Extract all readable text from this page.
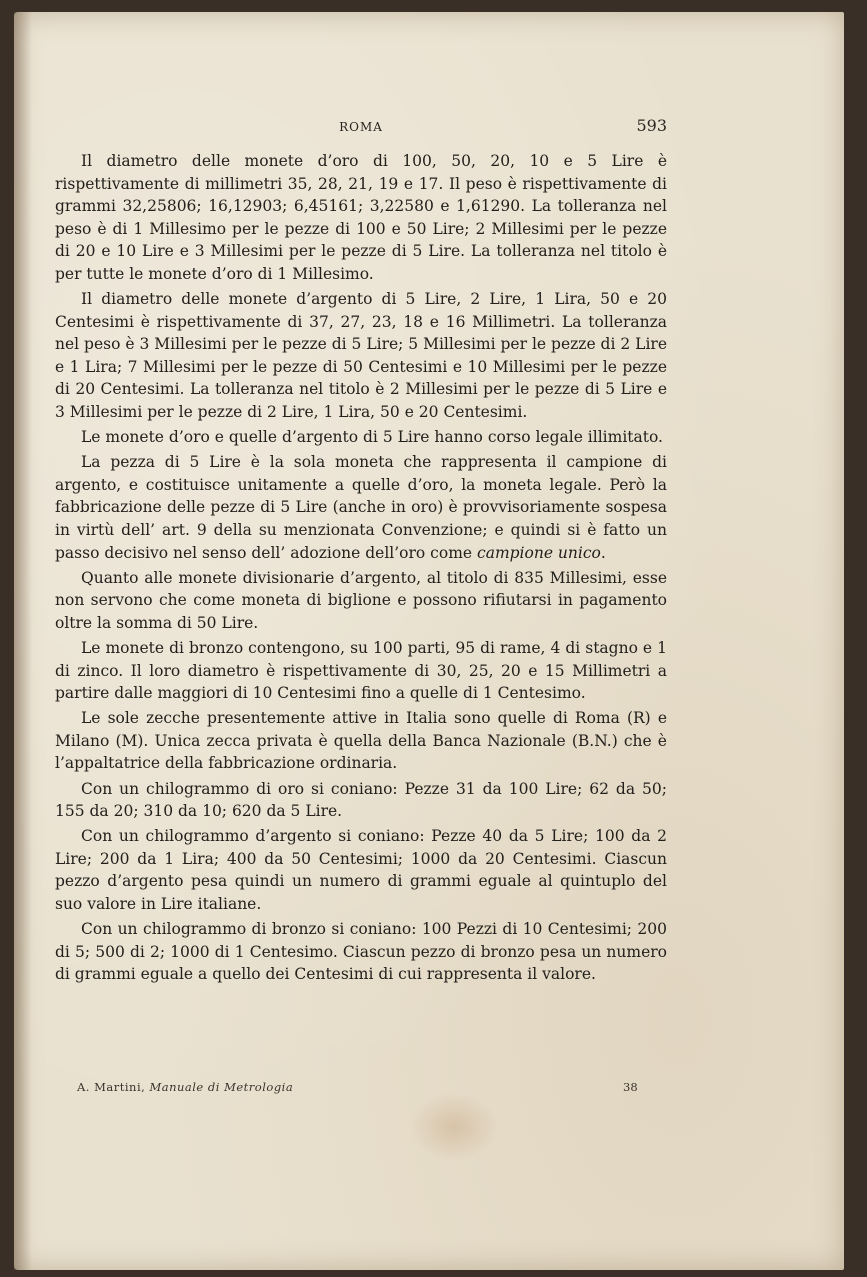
ROMA	593

Il diametro delle monete d’oro di 100, 50, 20, 10 e 5 Lire è rispettivamente di millimetri 35, 28, 21, 19 e 17. Il peso è rispettivamente di grammi 32,25806; 16,12903; 6,45161; 3,22580 e 1,61290. La tolleranza nel peso è di 1 Millesimo per le pezze di 100 e 50 Lire; 2 Millesimi per le pezze di 20 e 10 Lire e 3 Millesimi per le pezze di 5 Lire. La tolleranza nel titolo è per tutte le monete d’oro di 1 Millesimo.

Il diametro delle monete d’argento di 5 Lire, 2 Lire, 1 Lira, 50 e 20 Centesimi è rispettivamente di 37, 27, 23, 18 e 16 Millimetri. La tolleranza nel peso è 3 Millesimi per le pezze di 5 Lire; 5 Millesimi per le pezze di 2 Lire e 1 Lira; 7 Millesimi per le pezze di 50 Centesimi e 10 Millesimi per le pezze di 20 Centesimi. La tolleranza nel titolo è 2 Millesimi per le pezze di 5 Lire e 3 Millesimi per le pezze di 2 Lire, 1 Lira, 50 e 20 Centesimi.

Le monete d’oro e quelle d’argento di 5 Lire hanno corso legale illimitato.

La pezza di 5 Lire è la sola moneta che rappresenta il campione di argento, e costituisce unitamente a quelle d’oro, la moneta legale. Però la fabbricazione delle pezze di 5 Lire (anche in oro) è provvisoriamente sospesa in virtù dell’ art. 9 della su menzionata Convenzione; e quindi si è fatto un passo decisivo nel senso dell’ adozione dell’oro come campione unico.

Quanto alle monete divisionarie d’argento, al titolo di 835 Millesimi, esse non servono che come moneta di biglione e possono rifiutarsi in pagamento oltre la somma di 50 Lire.

Le monete di bronzo contengono, su 100 parti, 95 di rame, 4 di stagno e 1 di zinco. Il loro diametro è rispettivamente di 30, 25, 20 e 15 Millimetri a partire dalle maggiori di 10 Centesimi fino a quelle di 1 Centesimo.

Le sole zecche presentemente attive in Italia sono quelle di Roma (R) e Milano (M). Unica zecca privata è quella della Banca Nazionale (B.N.) che è l’appaltatrice della fabbricazione ordinaria.

Con un chilogrammo di oro si coniano: Pezze 31 da 100 Lire; 62 da 50; 155 da 20; 310 da 10; 620 da 5 Lire.

Con un chilogrammo d’argento si coniano: Pezze 40 da 5 Lire; 100 da 2 Lire; 200 da 1 Lira; 400 da 50 Centesimi; 1000 da 20 Centesimi. Ciascun pezzo d’argento pesa quindi un numero di grammi eguale al quintuplo del suo valore in Lire italiane.

Con un chilogrammo di bronzo si coniano: 100 Pezzi di 10 Centesimi; 200 di 5; 500 di 2; 1000 di 1 Centesimo. Ciascun pezzo di bronzo pesa un numero di grammi eguale a quello dei Centesimi di cui rappresenta il valore.

A. Martini, Manuale di Metrologia	38
